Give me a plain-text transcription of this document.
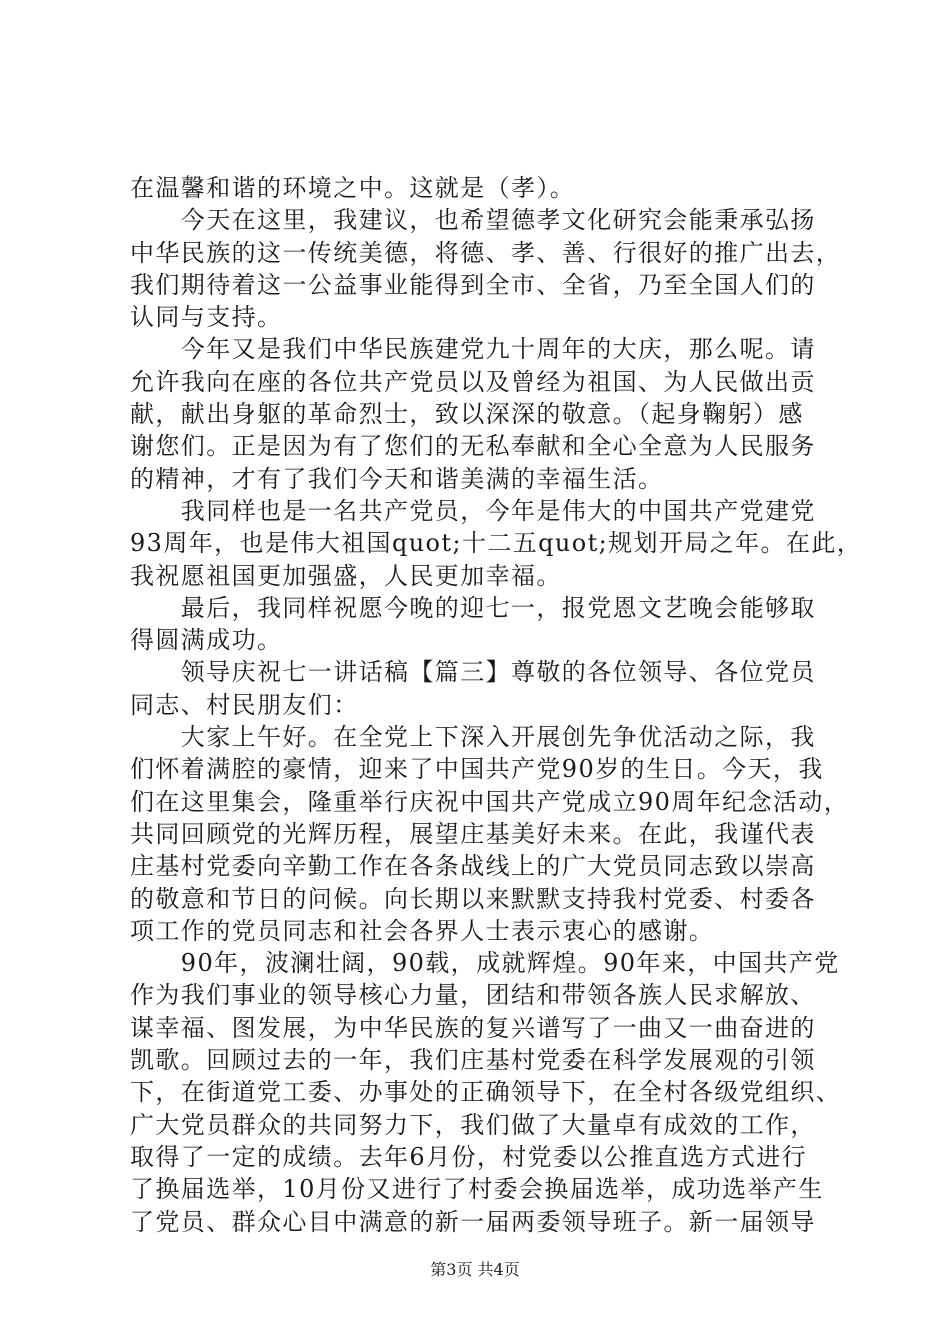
在温馨和谐的环境之中。这就是（孝）。
　　今天在这里，我建议，也希望德孝文化研究会能秉承弘扬
中华民族的这一传统美德，将德、孝、善、行很好的推广出去，
我们期待着这一公益事业能得到全市、全省，乃至全国人们的
认同与支持。
　　今年又是我们中华民族建党九十周年的大庆，那么呢。请
允许我向在座的各位共产党员以及曾经为祖国、为人民做出贡
献，献出身躯的革命烈士，致以深深的敬意。（起身鞠躬）感
谢您们。正是因为有了您们的无私奉献和全心全意为人民服务
的精神，才有了我们今天和谐美满的幸福生活。
　　我同样也是一名共产党员，今年是伟大的中国共产党建党
93周年，也是伟大祖国quot;十二五quot;规划开局之年。在此，
我祝愿祖国更加强盛，人民更加幸福。
　　最后，我同样祝愿今晚的迎七一，报党恩文艺晚会能够取
得圆满成功。
　　领导庆祝七一讲话稿【篇三】尊敬的各位领导、各位党员
同志、村民朋友们：
　　大家上午好。在全党上下深入开展创先争优活动之际，我
们怀着满腔的豪情，迎来了中国共产党90岁的生日。今天，我
们在这里集会，隆重举行庆祝中国共产党成立90周年纪念活动，
共同回顾党的光辉历程，展望庄基美好未来。在此，我谨代表
庄基村党委向辛勤工作在各条战线上的广大党员同志致以崇高
的敬意和节日的问候。向长期以来默默支持我村党委、村委各
项工作的党员同志和社会各界人士表示衷心的感谢。
　　90年，波澜壮阔，90载，成就辉煌。90年来，中国共产党
作为我们事业的领导核心力量，团结和带领各族人民求解放、
谋幸福、图发展，为中华民族的复兴谱写了一曲又一曲奋进的
凯歌。回顾过去的一年，我们庄基村党委在科学发展观的引领
下，在街道党工委、办事处的正确领导下，在全村各级党组织、
广大党员群众的共同努力下，我们做了大量卓有成效的工作，
取得了一定的成绩。去年6月份，村党委以公推直选方式进行
了换届选举，10月份又进行了村委会换届选举，成功选举产生
了党员、群众心目中满意的新一届两委领导班子。新一届领导
第3页 共4页
